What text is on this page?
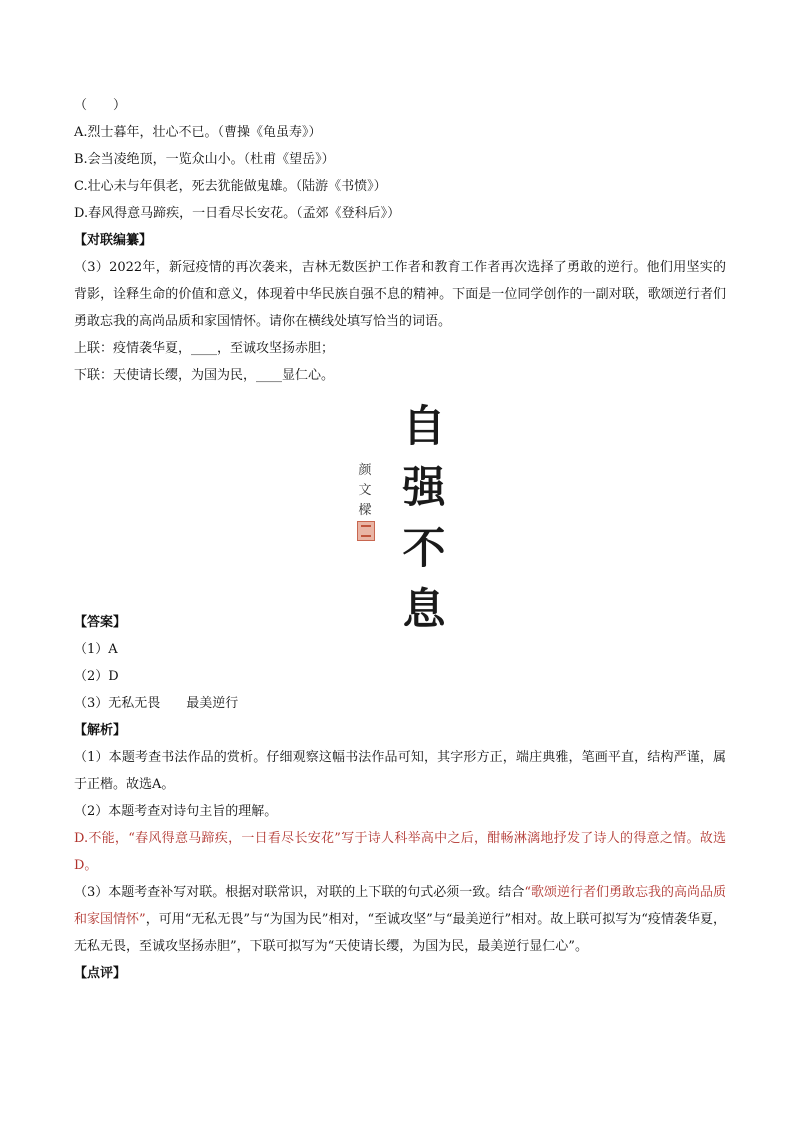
（　　）
A.烈士暮年，壮心不已。（曹操《龟虽寿》）
B.会当凌绝顶，一览众山小。（杜甫《望岳》）
C.壮心未与年俱老，死去犹能做鬼雄。（陆游《书愤》）
D.春风得意马蹄疾，一日看尽长安花。（孟郊《登科后》）
【对联编纂】
（3）2022年，新冠疫情的再次袭来，吉林无数医护工作者和教育工作者再次选择了勇敢的逆行。他们用坚实的背影，诠释生命的价值和意义，体现着中华民族自强不息的精神。下面是一位同学创作的一副对联，歌颂逆行者们勇敢忘我的高尚品质和家国情怀。请你在横线处填写恰当的词语。
上联：疫情袭华夏，____，至诚攻坚扬赤胆；
下联：天使请长缨，为国为民，____显仁心。
自
强
不
息
颜
文
樑
【答案】
（1）A
（2）D
（3）无私无畏　　最美逆行
【解析】
（1）本题考查书法作品的赏析。仔细观察这幅书法作品可知，其字形方正，端庄典雅，笔画平直，结构严谨，属于正楷。故选A。
（2）本题考查对诗句主旨的理解。
D.不能，“春风得意马蹄疾，一日看尽长安花”写于诗人科举高中之后，酣畅淋漓地抒发了诗人的得意之情。故选D。
（3）本题考查补写对联。根据对联常识，对联的上下联的句式必须一致。结合“歌颂逆行者们勇敢忘我的高尚品质和家国情怀”，可用“无私无畏”与“为国为民”相对，“至诚攻坚”与“最美逆行”相对。故上联可拟写为“疫情袭华夏，无私无畏，至诚攻坚扬赤胆”，下联可拟写为“天使请长缨，为国为民，最美逆行显仁心”。
【点评】
